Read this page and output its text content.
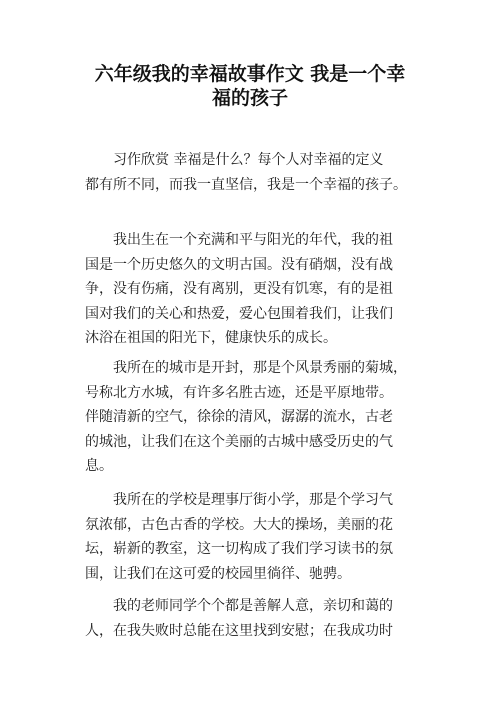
六年级我的幸福故事作文 我是一个幸
福的孩子
习作欣赏 幸福是什么？每个人对幸福的定义
都有所不同，而我一直坚信，我是一个幸福的孩子。
我出生在一个充满和平与阳光的年代，我的祖
国是一个历史悠久的文明古国。没有硝烟，没有战
争，没有伤痛，没有离别，更没有饥寒，有的是祖
国对我们的关心和热爱，爱心包围着我们，让我们
沐浴在祖国的阳光下，健康快乐的成长。
我所在的城市是开封，那是个风景秀丽的菊城，
号称北方水城，有许多名胜古迹，还是平原地带。
伴随清新的空气，徐徐的清风，潺潺的流水，古老
的城池，让我们在这个美丽的古城中感受历史的气
息。
我所在的学校是理事厅街小学，那是个学习气
氛浓郁，古色古香的学校。大大的操场，美丽的花
坛，崭新的教室，这一切构成了我们学习读书的氛
围，让我们在这可爱的校园里徜徉、驰骋。
我的老师同学个个都是善解人意，亲切和蔼的
人，在我失败时总能在这里找到安慰；在我成功时
